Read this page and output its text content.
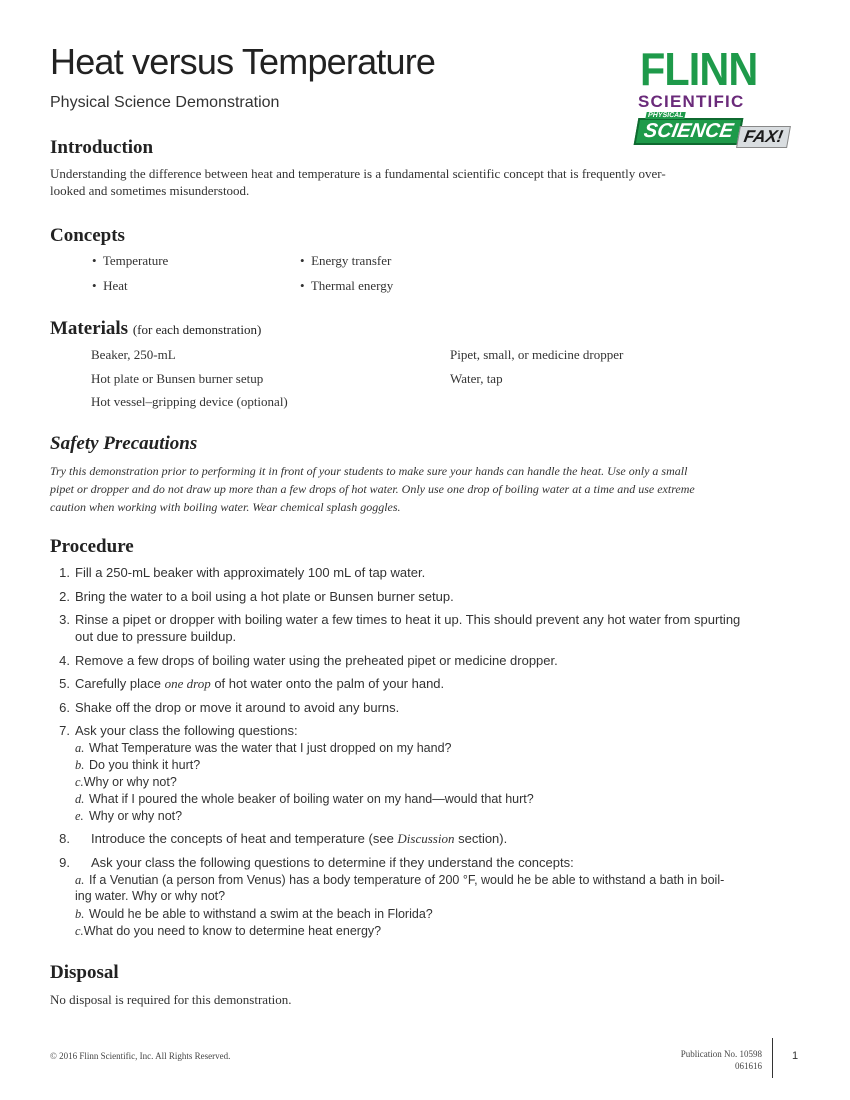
Heat versus Temperature
Physical Science Demonstration
FLINN
SCIENTIFIC
SCIENCE
PHYSICAL
FAX!
Introduction
Understanding the difference between heat and temperature is a fundamental scientific concept that is frequently over-
looked and sometimes misunderstood.
Concepts
•  Temperature	•  Energy transfer
•  Heat	•  Thermal energy
Materials (for each demonstration)
Beaker, 250-mL	Pipet, small, or medicine dropper
Hot plate or Bunsen burner setup	Water, tap
Hot vessel–gripping device (optional)
Safety Precautions
Try this demonstration prior to performing it in front of your students to make sure your hands can handle the heat. Use only a small
pipet or dropper and do not draw up more than a few drops of hot water. Only use one drop of boiling water at a time and use extreme
caution when working with boiling water. Wear chemical splash goggles.
Procedure
1. Fill a 250-mL beaker with approximately 100 mL of tap water.
2. Bring the water to a boil using a hot plate or Bunsen burner setup.
3. Rinse a pipet or dropper with boiling water a few times to heat it up. This should prevent any hot water from spurting
out due to pressure buildup.
4. Remove a few drops of boiling water using the preheated pipet or medicine dropper.
5. Carefully place one drop of hot water onto the palm of your hand.
6. Shake off the drop or move it around to avoid any burns.
7. Ask your class the following questions:
a. What Temperature was the water that I just dropped on my hand?
b. Do you think it hurt?
c.Why or why not?
d. What if I poured the whole beaker of boiling water on my hand—would that hurt?
e. Why or why not?
8. Introduce the concepts of heat and temperature (see Discussion section).
9. Ask your class the following questions to determine if they understand the concepts:
a. If a Venutian (a person from Venus) has a body temperature of 200 °F, would he be able to withstand a bath in boil-
ing water. Why or why not?
b. Would he be able to withstand a swim at the beach in Florida?
c.What do you need to know to determine heat energy?
Disposal
No disposal is required for this demonstration.
© 2016 Flinn Scientific, Inc. All Rights Reserved.	Publication No. 10598
061616
1
